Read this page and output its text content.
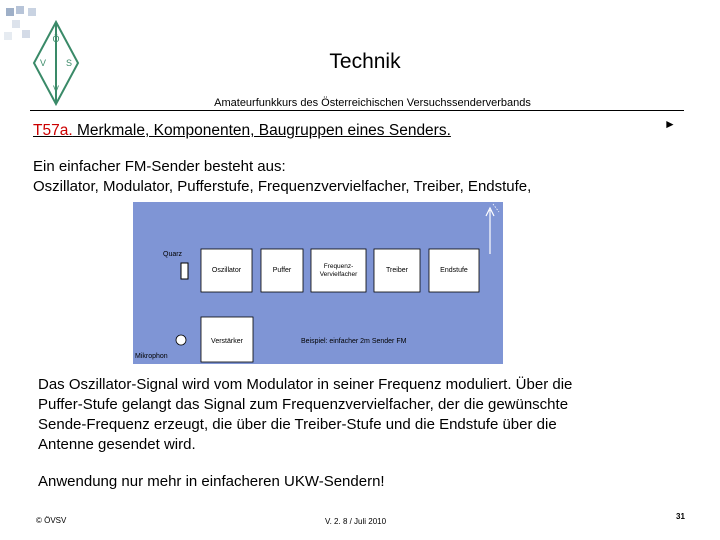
Ö
V S
V
Technik
Amateurfunkkurs des Österreichischen Versuchssenderverbands
T57a. Merkmale, Komponenten, Baugruppen eines Senders.	►
Ein einfacher FM-Sender besteht aus:
Oszillator, Modulator, Pufferstufe, Frequenzvervielfacher, Treiber, Endstufe,
Quarz
Oszillator	Puffer
Frequenz-
Vervielfacher
Treiber	Endstufe
Mikrophon
Verstärker	Beispiel: einfacher 2m Sender FM
Das Oszillator-Signal wird vom Modulator in seiner Frequenz moduliert. Über die
Puffer-Stufe gelangt das Signal zum Frequenzvervielfacher, der die gewünschte
Sende-Frequenz erzeugt, die über die Treiber-Stufe und die Endstufe über die
Antenne gesendet wird.
Anwendung nur mehr in einfacheren UKW-Sendern!
© ÖVSV	V. 2. 8 / Juli 2010
31
